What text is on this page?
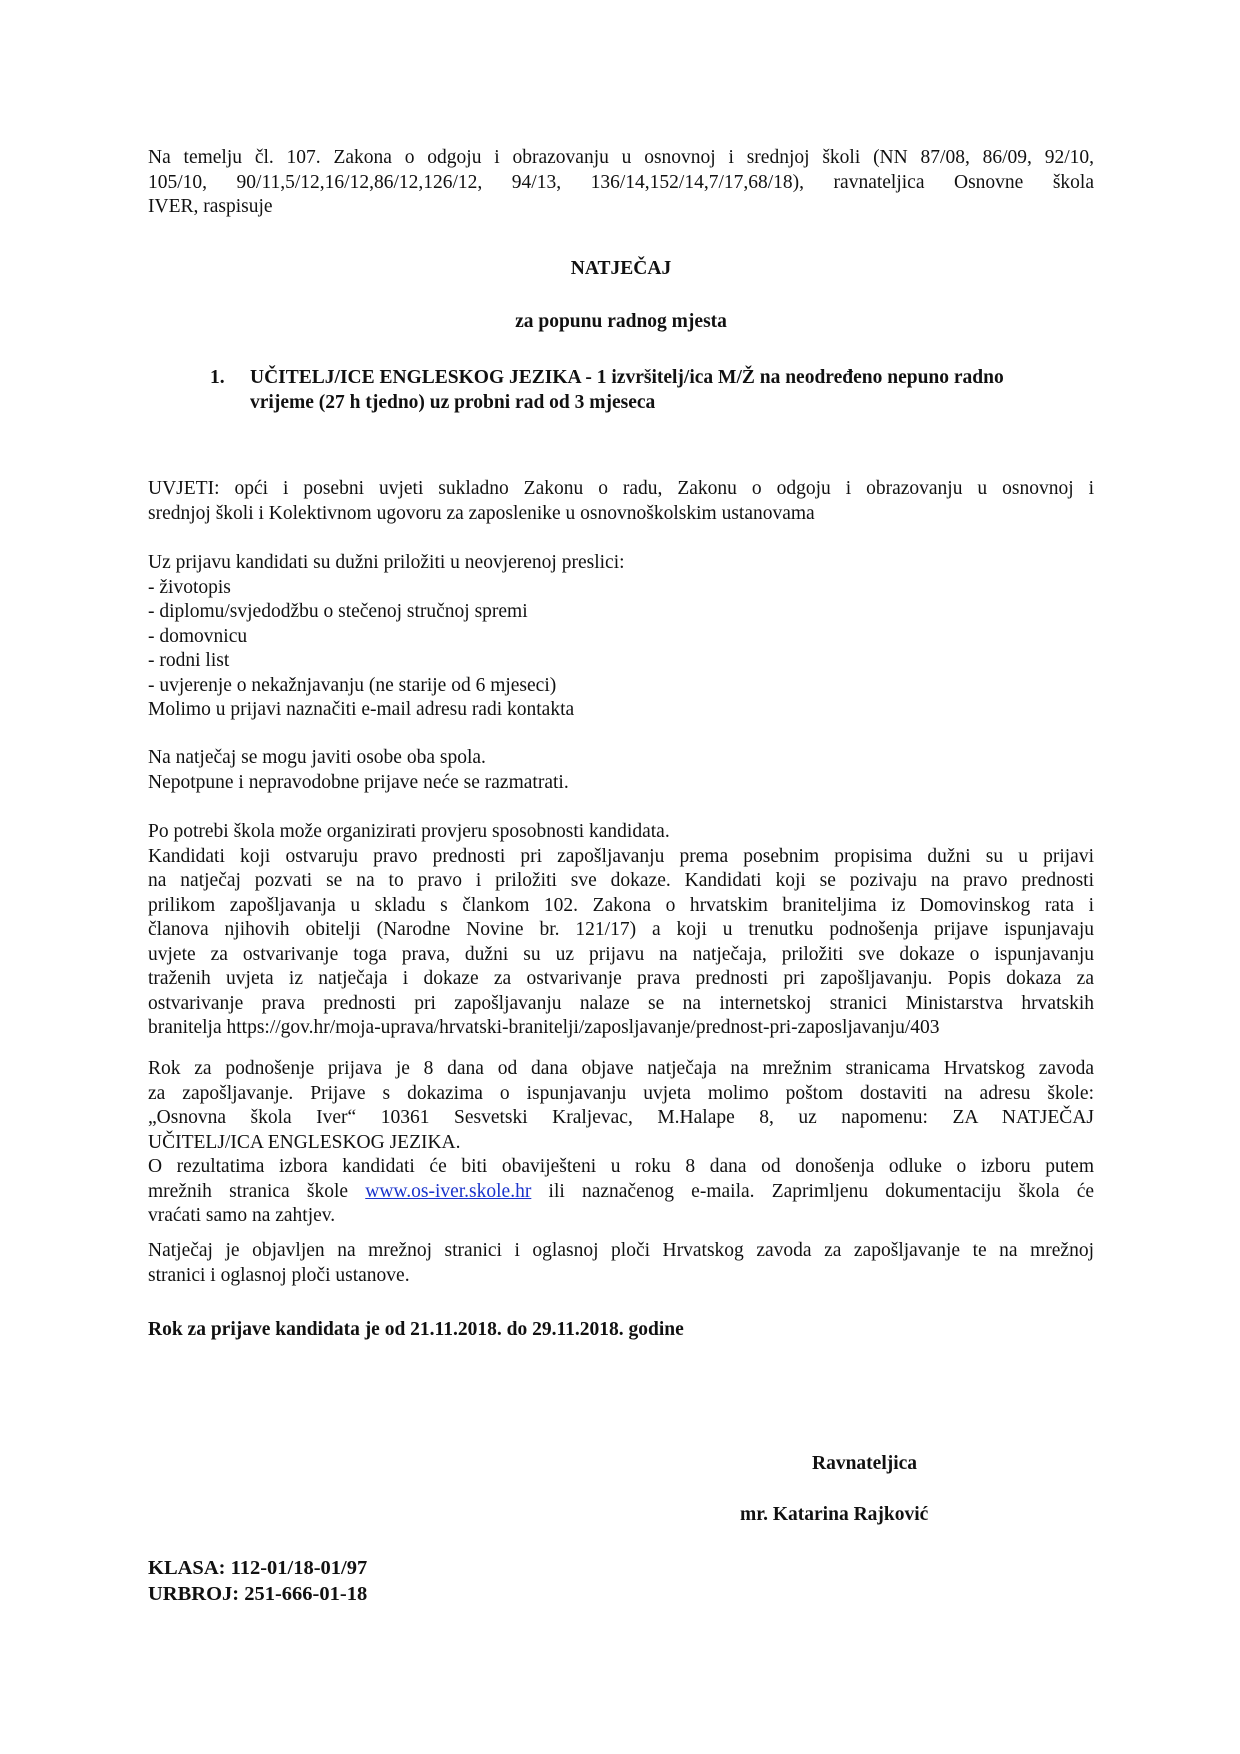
Na temelju čl. 107. Zakona o odgoju i obrazovanju u osnovnoj i srednjoj školi (NN 87/08, 86/09, 92/10,
105/10, 90/11,5/12,16/12,86/12,126/12, 94/13, 136/14,152/14,7/17,68/18), ravnateljica Osnovne škola
IVER, raspisuje
NATJEČAJ
za popunu radnog mjesta
1.	UČITELJ/ICE ENGLESKOG JEZIKA - 1 izvršitelj/ica M/Ž na neodređeno nepuno radno
vrijeme (27 h tjedno) uz probni rad od 3 mjeseca
UVJETI: opći i posebni uvjeti sukladno Zakonu o radu, Zakonu o odgoju i obrazovanju u osnovnoj i
srednjoj školi i Kolektivnom ugovoru za zaposlenike u osnovnoškolskim ustanovama
Uz prijavu kandidati su dužni priložiti u neovjerenoj preslici:
- životopis
- diplomu/svjedodžbu o stečenoj stručnoj spremi
- domovnicu
- rodni list
- uvjerenje o nekažnjavanju (ne starije od 6 mjeseci)
Molimo u prijavi naznačiti e-mail adresu radi kontakta
Na natječaj se mogu javiti osobe oba spola.
Nepotpune i nepravodobne prijave neće se razmatrati.
Po potrebi škola može organizirati provjeru sposobnosti kandidata.
Kandidati koji ostvaruju pravo prednosti pri zapošljavanju prema posebnim propisima dužni su u prijavi
na natječaj pozvati se na to pravo i priložiti sve dokaze. Kandidati koji se pozivaju na pravo prednosti
prilikom zapošljavanja u skladu s člankom 102. Zakona o hrvatskim braniteljima iz Domovinskog rata i
članova njihovih obitelji (Narodne Novine br. 121/17) a koji u trenutku podnošenja prijave ispunjavaju
uvjete za ostvarivanje toga prava, dužni su uz prijavu na natječaja, priložiti sve dokaze o ispunjavanju
traženih uvjeta iz natječaja i dokaze za ostvarivanje prava prednosti pri zapošljavanju. Popis dokaza za
ostvarivanje prava prednosti pri zapošljavanju nalaze se na internetskoj stranici Ministarstva hrvatskih
branitelja https://gov.hr/moja-uprava/hrvatski-branitelji/zaposljavanje/prednost-pri-zaposljavanju/403
Rok za podnošenje prijava je 8 dana od dana objave natječaja na mrežnim stranicama Hrvatskog zavoda
za zapošljavanje. Prijave s dokazima o ispunjavanju uvjeta molimo poštom dostaviti na adresu škole:
„Osnovna škola Iver“ 10361 Sesvetski Kraljevac, M.Halape 8, uz napomenu: ZA NATJEČAJ
UČITELJ/ICA ENGLESKOG JEZIKA.
O rezultatima izbora kandidati će biti obaviješteni u roku 8 dana od donošenja odluke o izboru putem
mrežnih stranica škole www.os-iver.skole.hr ili naznačenog e-maila. Zaprimljenu dokumentaciju škola će
vraćati samo na zahtjev.
Natječaj je objavljen na mrežnoj stranici i oglasnoj ploči Hrvatskog zavoda za zapošljavanje te na mrežnoj
stranici i oglasnoj ploči ustanove.
Rok za prijave kandidata je od 21.11.2018. do 29.11.2018. godine
Ravnateljica
mr. Katarina Rajković
KLASA: 112-01/18-01/97
URBROJ: 251-666-01-18
